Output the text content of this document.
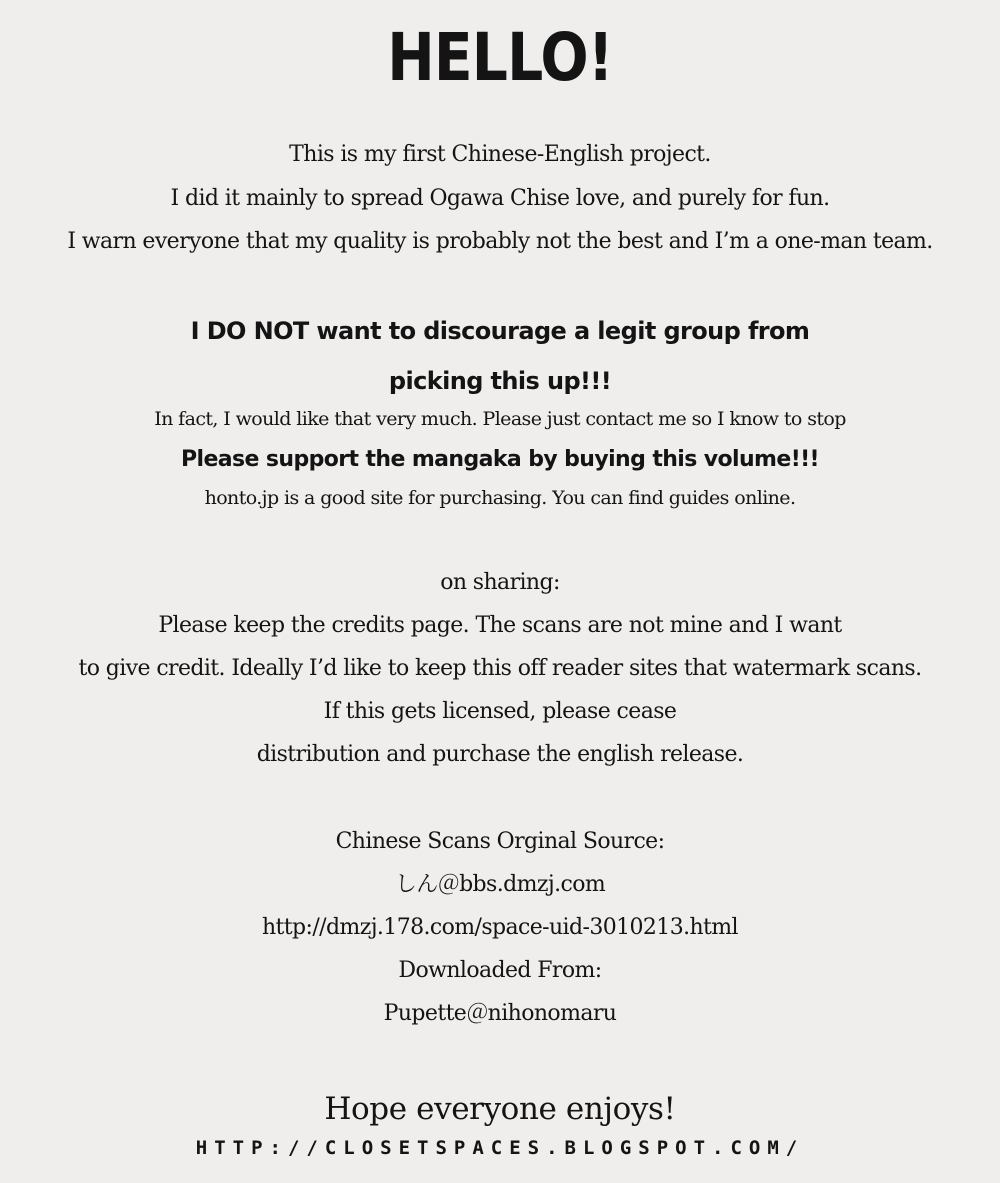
HELLO!
This is my first Chinese-English project.
I did it mainly to spread Ogawa Chise love, and purely for fun.
I warn everyone that my quality is probably not the best and I’m a one-man team.
I DO NOT want to discourage a legit group from
picking this up!!!
In fact, I would like that very much. Please just contact me so I know to stop
Please support the mangaka by buying this volume!!!
honto.jp is a good site for purchasing. You can find guides online.
on sharing:
Please keep the credits page. The scans are not mine and I want
to give credit. Ideally I’d like to keep this off reader sites that watermark scans.
If this gets licensed, please cease
distribution and purchase the english release.
Chinese Scans Orginal Source:
しん＠bbs.dmzj.com
http://dmzj.178.com/space-uid-3010213.html
Downloaded From:
Pupette＠nihonomaru
Hope everyone enjoys!
HTTP://CLOSETSPACES.BLOGSPOT.COM/
